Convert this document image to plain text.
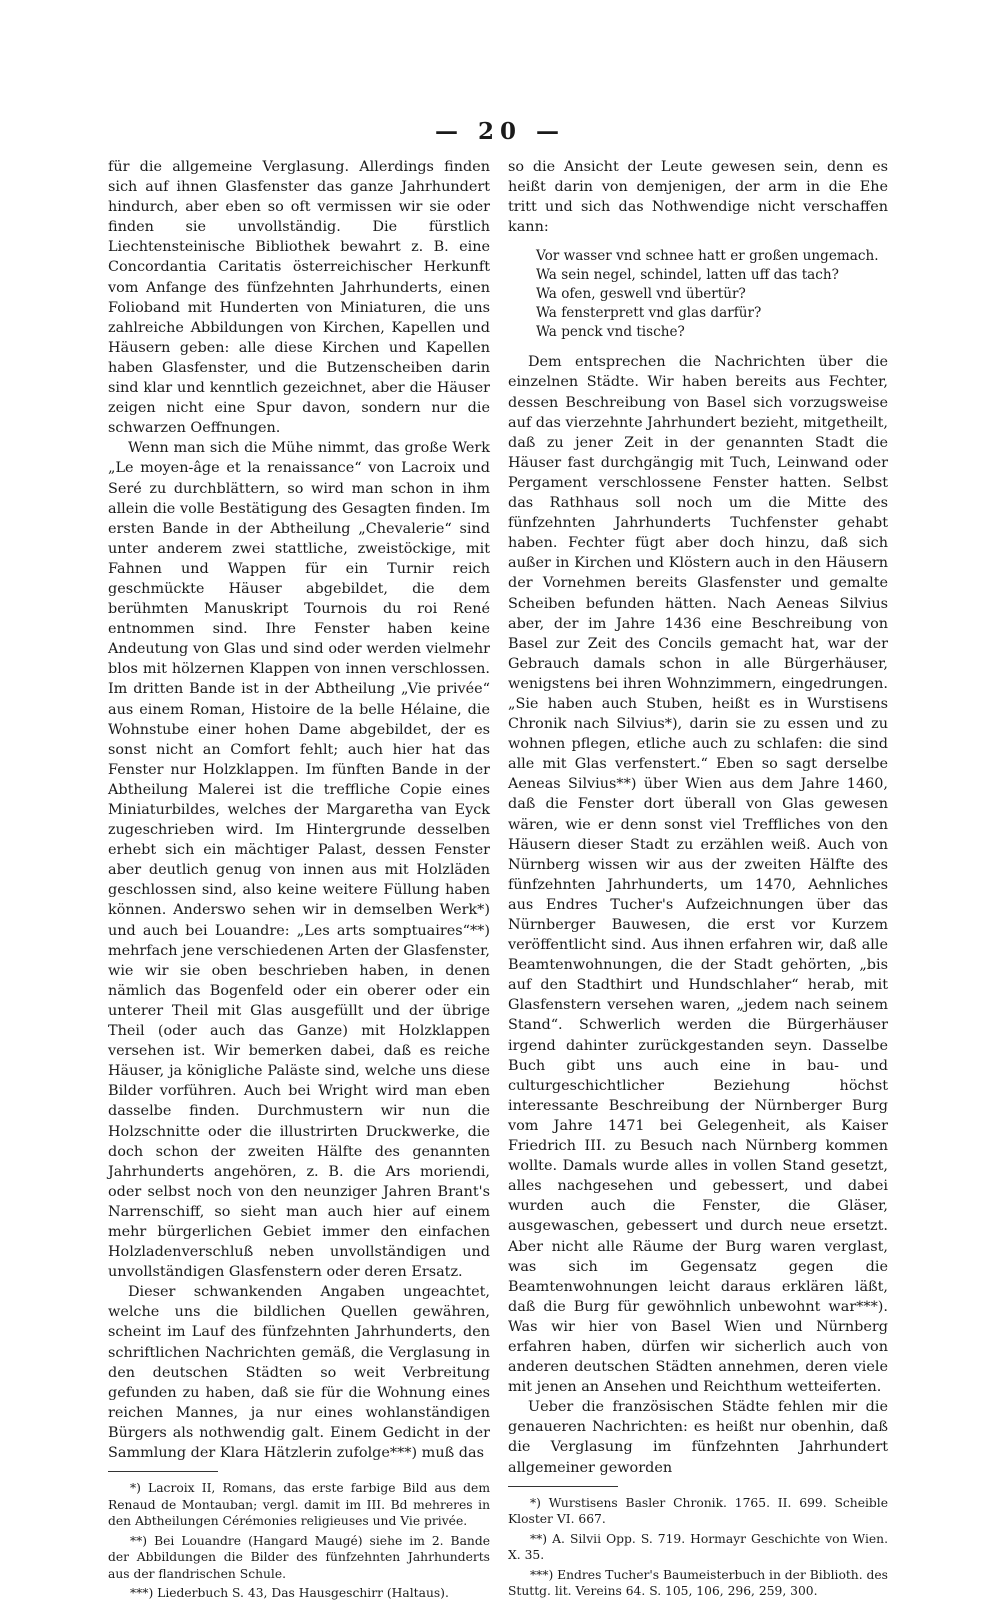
— 20 —

für die allgemeine Verglasung. Allerdings finden sich auf ihnen Glasfenster das ganze Jahrhundert hindurch, aber eben so oft vermissen wir sie oder finden sie unvollständig. Die fürstlich Liechtensteinische Bibliothek bewahrt z. B. eine Concordantia Caritatis österreichischer Herkunft vom Anfange des fünfzehnten Jahrhunderts, einen Folioband mit Hunderten von Miniaturen, die uns zahlreiche Abbildungen von Kirchen, Kapellen und Häusern geben: alle diese Kirchen und Kapellen haben Glasfenster, und die Butzenscheiben darin sind klar und kenntlich gezeichnet, aber die Häuser zeigen nicht eine Spur davon, sondern nur die schwarzen Oeffnungen.

Wenn man sich die Mühe nimmt, das große Werk „Le moyen-âge et la renaissance“ von Lacroix und Seré zu durchblättern, so wird man schon in ihm allein die volle Bestätigung des Gesagten finden. Im ersten Bande in der Abtheilung „Chevalerie“ sind unter anderem zwei stattliche, zweistöckige, mit Fahnen und Wappen für ein Turnir reich geschmückte Häuser abgebildet, die dem berühmten Manuskript Tournois du roi René entnommen sind. Ihre Fenster haben keine Andeutung von Glas und sind oder werden vielmehr blos mit hölzernen Klappen von innen verschlossen. Im dritten Bande ist in der Abtheilung „Vie privée“ aus einem Roman, Histoire de la belle Hélaine, die Wohnstube einer hohen Dame abgebildet, der es sonst nicht an Comfort fehlt; auch hier hat das Fenster nur Holzklappen. Im fünften Bande in der Abtheilung Malerei ist die treffliche Copie eines Miniaturbildes, welches der Margaretha van Eyck zugeschrieben wird. Im Hintergrunde desselben erhebt sich ein mächtiger Palast, dessen Fenster aber deutlich genug von innen aus mit Holzläden geschlossen sind, also keine weitere Füllung haben können. Anderswo sehen wir in demselben Werk*) und auch bei Louandre: „Les arts somptuaires“**) mehrfach jene verschiedenen Arten der Glasfenster, wie wir sie oben beschrieben haben, in denen nämlich das Bogenfeld oder ein oberer oder ein unterer Theil mit Glas ausgefüllt und der übrige Theil (oder auch das Ganze) mit Holzklappen versehen ist. Wir bemerken dabei, daß es reiche Häuser, ja königliche Paläste sind, welche uns diese Bilder vorführen. Auch bei Wright wird man eben dasselbe finden. Durchmustern wir nun die Holzschnitte oder die illustrirten Druckwerke, die doch schon der zweiten Hälfte des genannten Jahrhunderts angehören, z. B. die Ars moriendi, oder selbst noch von den neunziger Jahren Brant's Narrenschiff, so sieht man auch hier auf einem mehr bürgerlichen Gebiet immer den einfachen Holzladenverschluß neben unvollständigen und unvollständigen Glasfenstern oder deren Ersatz.

Dieser schwankenden Angaben ungeachtet, welche uns die bildlichen Quellen gewähren, scheint im Lauf des fünfzehnten Jahrhunderts, den schriftlichen Nachrichten gemäß, die Verglasung in den deutschen Städten so weit Verbreitung gefunden zu haben, daß sie für die Wohnung eines reichen Mannes, ja nur eines wohlanständigen Bürgers als nothwendig galt. Einem Gedicht in der Sammlung der Klara Hätzlerin zufolge***) muß das

*) Lacroix II, Romans, das erste farbige Bild aus dem Renaud de Montauban; vergl. damit im III. Bd mehreres in den Abtheilungen Cérémonies religieuses und Vie privée.

**) Bei Louandre (Hangard Maugé) siehe im 2. Bande der Abbildungen die Bilder des fünfzehnten Jahrhunderts aus der flandrischen Schule.

***) Liederbuch S. 43, Das Hausgeschirr (Haltaus).

so die Ansicht der Leute gewesen sein, denn es heißt darin von demjenigen, der arm in die Ehe tritt und sich das Nothwendige nicht verschaffen kann:

Vor wasser vnd schnee hatt er großen ungemach.
Wa sein negel, schindel, latten uff das tach?
Wa ofen, geswell vnd übertür?
Wa fensterprett vnd glas darfür?
Wa penck vnd tische?

Dem entsprechen die Nachrichten über die einzelnen Städte. Wir haben bereits aus Fechter, dessen Beschreibung von Basel sich vorzugsweise auf das vierzehnte Jahrhundert bezieht, mitgetheilt, daß zu jener Zeit in der genannten Stadt die Häuser fast durchgängig mit Tuch, Leinwand oder Pergament verschlossene Fenster hatten. Selbst das Rathhaus soll noch um die Mitte des fünfzehnten Jahrhunderts Tuchfenster gehabt haben. Fechter fügt aber doch hinzu, daß sich außer in Kirchen und Klöstern auch in den Häusern der Vornehmen bereits Glasfenster und gemalte Scheiben befunden hätten. Nach Aeneas Silvius aber, der im Jahre 1436 eine Beschreibung von Basel zur Zeit des Concils gemacht hat, war der Gebrauch damals schon in alle Bürgerhäuser, wenigstens bei ihren Wohnzimmern, eingedrungen. „Sie haben auch Stuben, heißt es in Wurstisens Chronik nach Silvius*), darin sie zu essen und zu wohnen pflegen, etliche auch zu schlafen: die sind alle mit Glas verfenstert.“ Eben so sagt derselbe Aeneas Silvius**) über Wien aus dem Jahre 1460, daß die Fenster dort überall von Glas gewesen wären, wie er denn sonst viel Treffliches von den Häusern dieser Stadt zu erzählen weiß. Auch von Nürnberg wissen wir aus der zweiten Hälfte des fünfzehnten Jahrhunderts, um 1470, Aehnliches aus Endres Tucher's Aufzeichnungen über das Nürnberger Bauwesen, die erst vor Kurzem veröffentlicht sind. Aus ihnen erfahren wir, daß alle Beamtenwohnungen, die der Stadt gehörten, „bis auf den Stadthirt und Hundschlaher“ herab, mit Glasfenstern versehen waren, „jedem nach seinem Stand“. Schwerlich werden die Bürgerhäuser irgend dahinter zurückgestanden seyn. Dasselbe Buch gibt uns auch eine in bau- und culturgeschichtlicher Beziehung höchst interessante Beschreibung der Nürnberger Burg vom Jahre 1471 bei Gelegenheit, als Kaiser Friedrich III. zu Besuch nach Nürnberg kommen wollte. Damals wurde alles in vollen Stand gesetzt, alles nachgesehen und gebessert, und dabei wurden auch die Fenster, die Gläser, ausgewaschen, gebessert und durch neue ersetzt. Aber nicht alle Räume der Burg waren verglast, was sich im Gegensatz gegen die Beamtenwohnungen leicht daraus erklären läßt, daß die Burg für gewöhnlich unbewohnt war***). Was wir hier von Basel Wien und Nürnberg erfahren haben, dürfen wir sicherlich auch von anderen deutschen Städten annehmen, deren viele mit jenen an Ansehen und Reichthum wetteiferten.

Ueber die französischen Städte fehlen mir die genaueren Nachrichten: es heißt nur obenhin, daß die Verglasung im fünfzehnten Jahrhundert allgemeiner geworden

*) Wurstisens Basler Chronik. 1765. II. 699. Scheible Kloster VI. 667.

**) A. Silvii Opp. S. 719. Hormayr Geschichte von Wien. X. 35.

***) Endres Tucher's Baumeisterbuch in der Biblioth. des Stuttg. lit. Vereins 64. S. 105, 106, 296, 259, 300.
